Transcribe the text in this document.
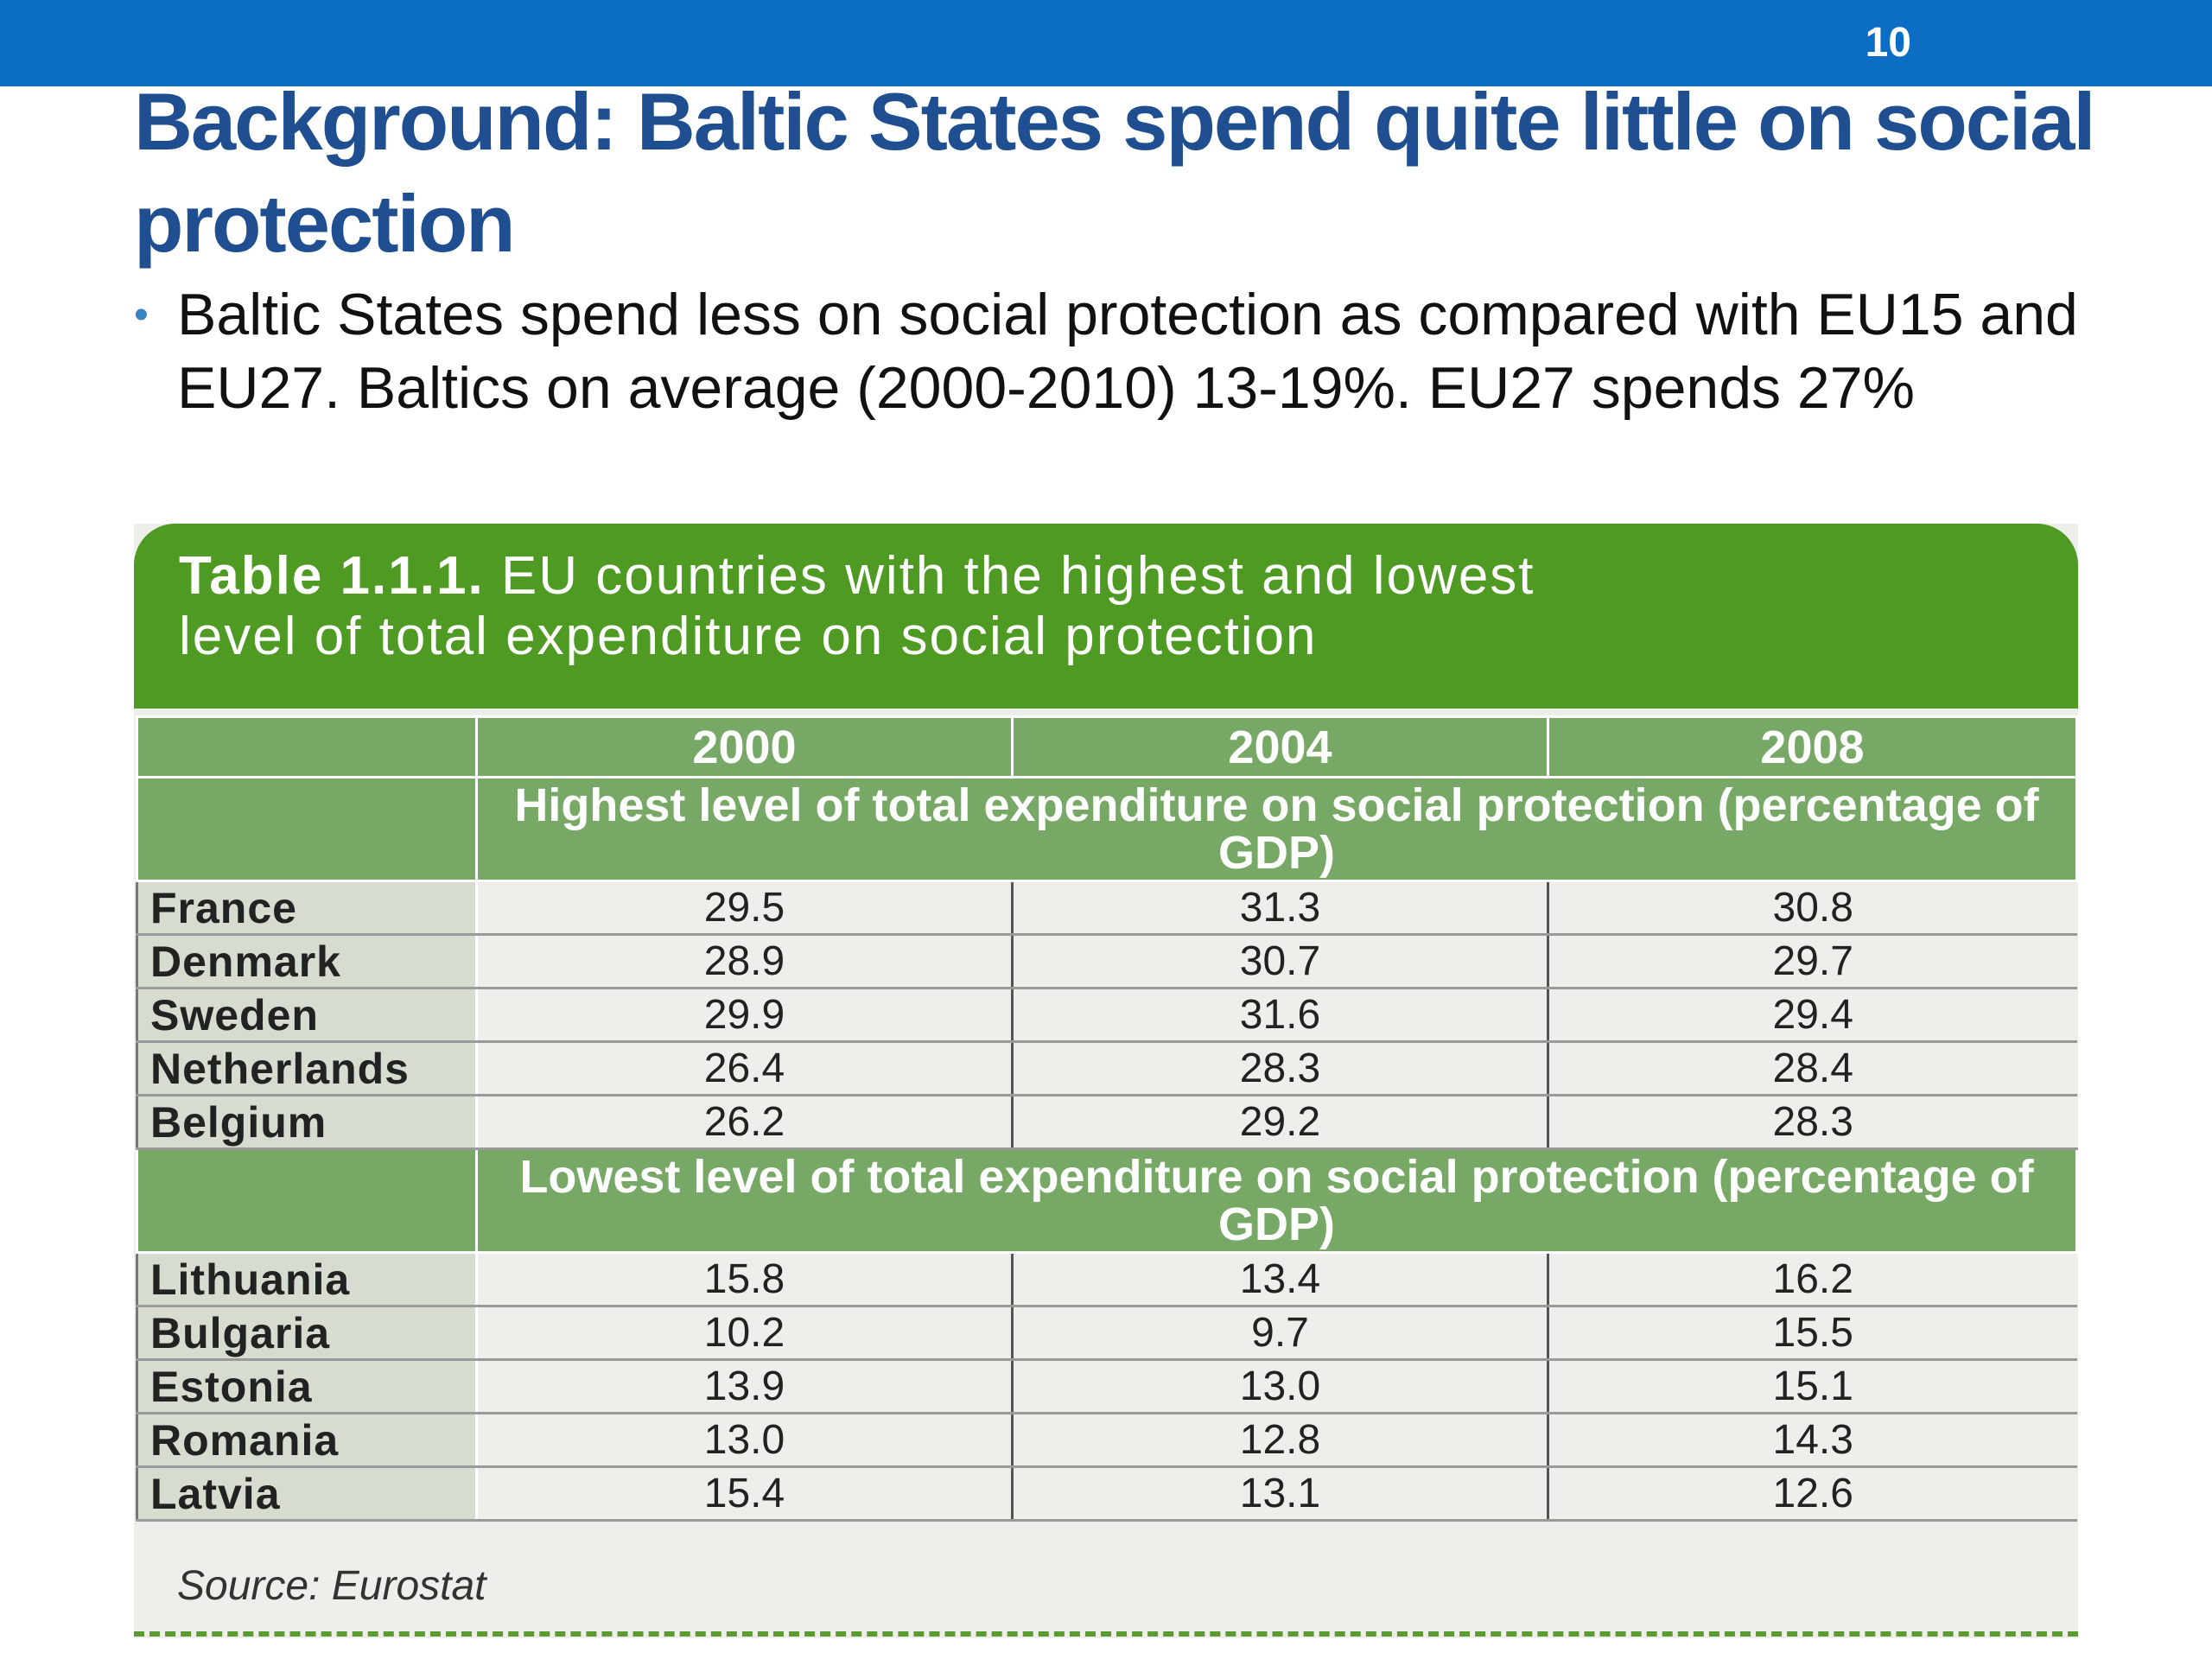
10
Background: Baltic States spend quite little on social protection
• Baltic States spend less on social protection as compared with EU15 and EU27. Baltics on average (2000-2010) 13-19%. EU27 spends 27%
Table 1.1.1. EU countries with the highest and lowest
level of total expenditure on social protection
	2000	2004	2008
	Highest level of total expenditure on social protection (percentage of GDP)		
France	29.5	31.3	30.8
Denmark	28.9	30.7	29.7
Sweden	29.9	31.6	29.4
Netherlands	26.4	28.3	28.4
Belgium	26.2	29.2	28.3
	Lowest level of total expenditure on social protection (percentage of GDP)		
Lithuania	15.8	13.4	16.2
Bulgaria	10.2	9.7	15.5
Estonia	13.9	13.0	15.1
Romania	13.0	12.8	14.3
Latvia	15.4	13.1	12.6
Source: Eurostat
